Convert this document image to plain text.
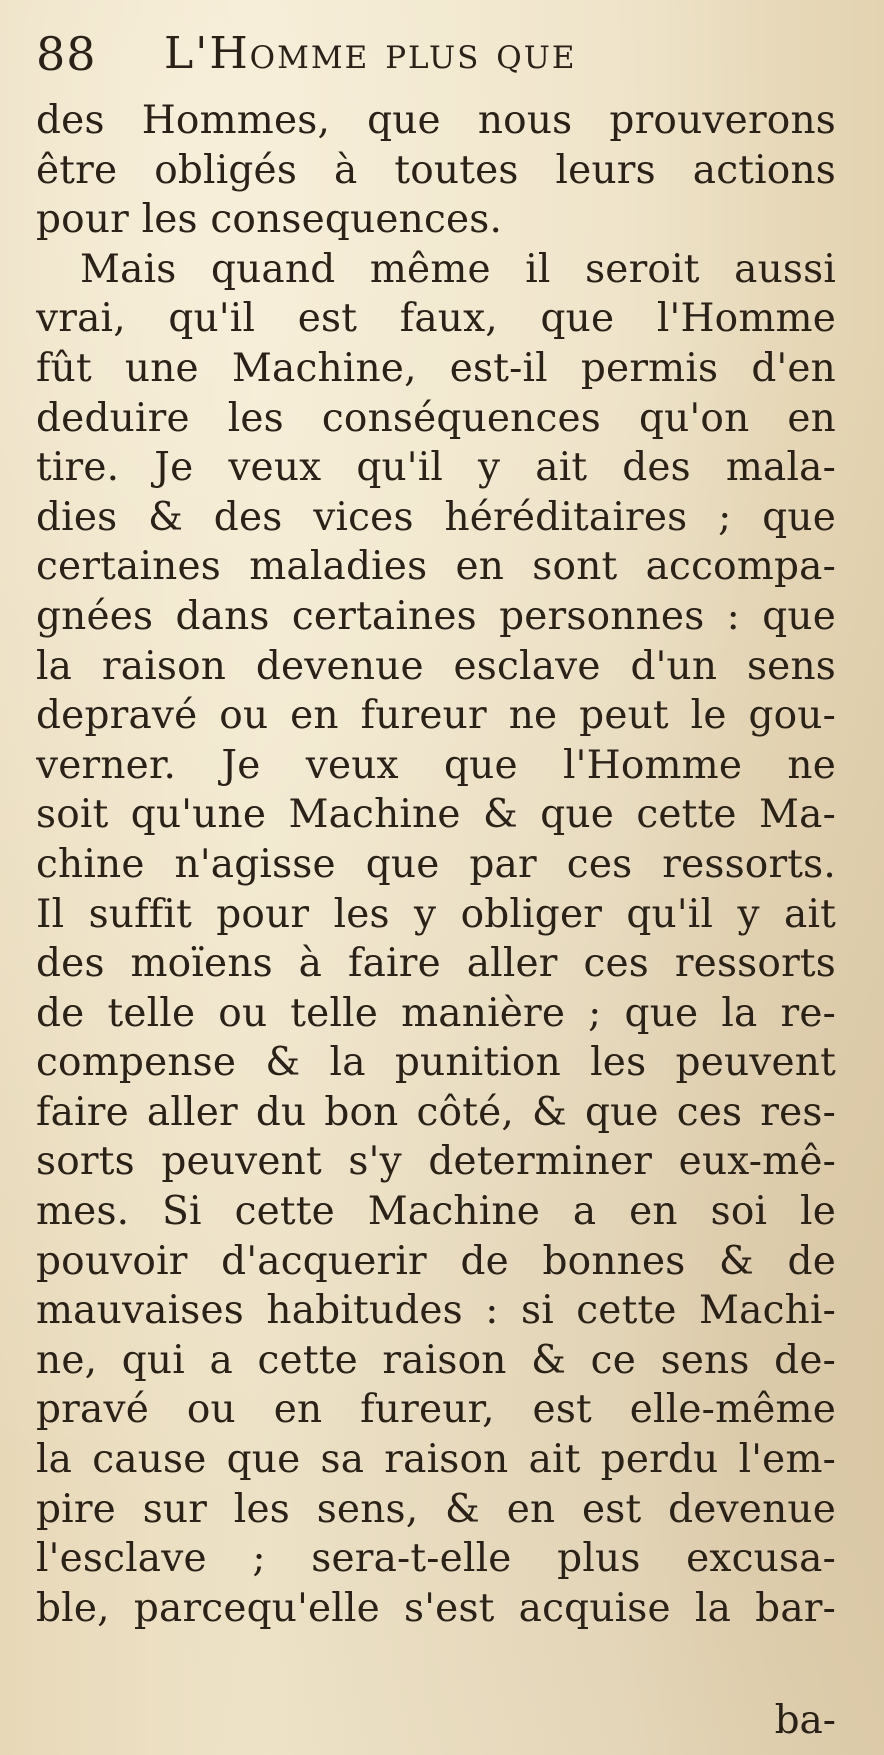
88 L'Homme plus que
des Hommes, que nous prouverons
être obligés à toutes leurs actions
pour les consequences.
Mais quand même il seroit aussi
vrai, qu'il est faux, que l'Homme
fût une Machine, est-il permis d'en
deduire les conséquences qu'on en
tire. Je veux qu'il y ait des mala-
dies & des vices héréditaires ; que
certaines maladies en sont accompa-
gnées dans certaines personnes : que
la raison devenue esclave d'un sens
depravé ou en fureur ne peut le gou-
verner. Je veux que l'Homme ne
soit qu'une Machine & que cette Ma-
chine n'agisse que par ces ressorts.
Il suffit pour les y obliger qu'il y ait
des moïens à faire aller ces ressorts
de telle ou telle manière ; que la re-
compense & la punition les peuvent
faire aller du bon côté, & que ces res-
sorts peuvent s'y determiner eux-mê-
mes. Si cette Machine a en soi le
pouvoir d'acquerir de bonnes & de
mauvaises habitudes : si cette Machi-
ne, qui a cette raison & ce sens de-
pravé ou en fureur, est elle-même
la cause que sa raison ait perdu l'em-
pire sur les sens, & en est devenue
l'esclave ; sera-t-elle plus excusa-
ble, parcequ'elle s'est acquise la bar-
ba-
